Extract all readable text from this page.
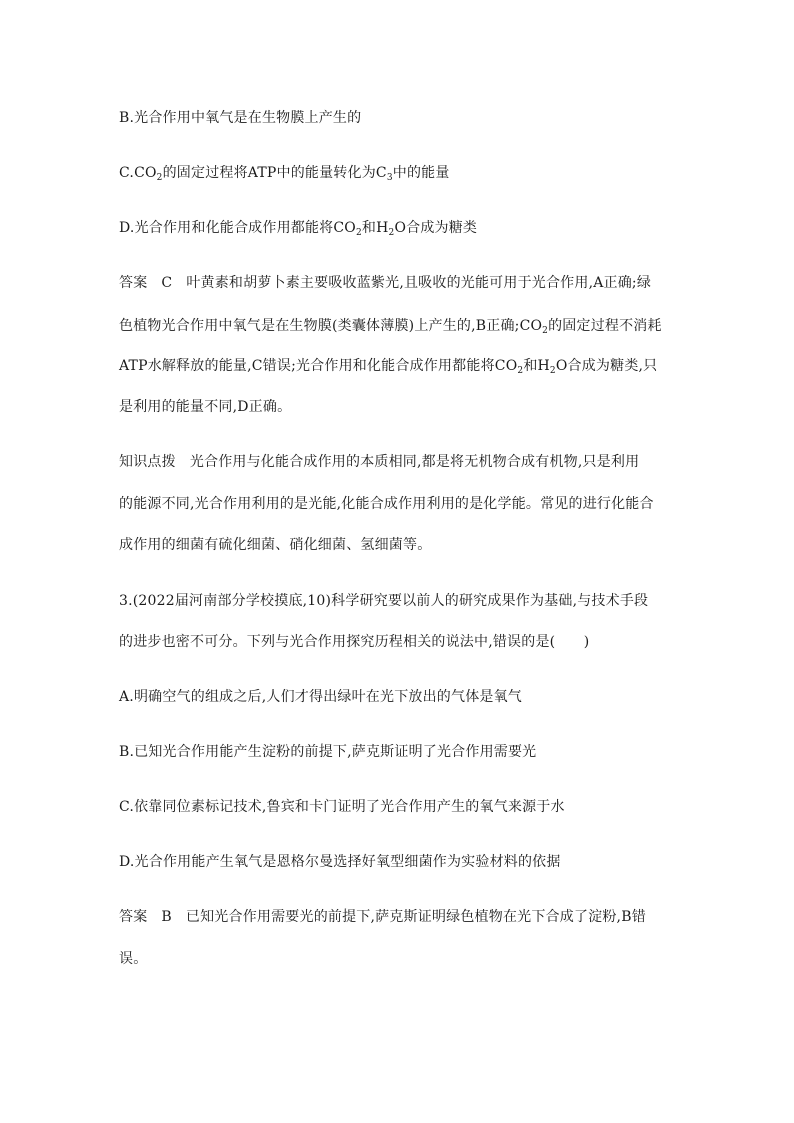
B.光合作用中氧气是在生物膜上产生的
$C.CO_2$的固定过程将ATP中的能量转化为$C_3$中的能量
D.光合作用和化能合成作用都能将$CO_2$和$H_2O$合成为糖类
答案 C 叶黄素和胡萝卜素主要吸收蓝紫光,且吸收的光能可用于光合作用,A正确;绿
色植物光合作用中氧气是在生物膜(类囊体薄膜)上产生的,B正确$;CO_2$的固定过程不消耗
ATP水解释放的能量,C错误;光合作用和化能合成作用都能将$CO_2$和$H_2O$合成为糖类,只
是利用的能量不同,D正确。
知识点拨 光合作用与化能合成作用的本质相同,都是将无机物合成有机物,只是利用
的能源不同,光合作用利用的是光能,化能合成作用利用的是化学能。常见的进行化能合
成作用的细菌有硫化细菌、硝化细菌、氢细菌等。
3.(2022届河南部分学校摸底,10)科学研究要以前人的研究成果作为基础,与技术手段
的进步也密不可分。下列与光合作用探究历程相关的说法中,错误的是(　　)
A.明确空气的组成之后,人们才得出绿叶在光下放出的气体是氧气
B.已知光合作用能产生淀粉的前提下,萨克斯证明了光合作用需要光
C.依靠同位素标记技术,鲁宾和卡门证明了光合作用产生的氧气来源于水
D.光合作用能产生氧气是恩格尔曼选择好氧型细菌作为实验材料的依据
答案 B 已知光合作用需要光的前提下,萨克斯证明绿色植物在光下合成了淀粉,B错
误。
